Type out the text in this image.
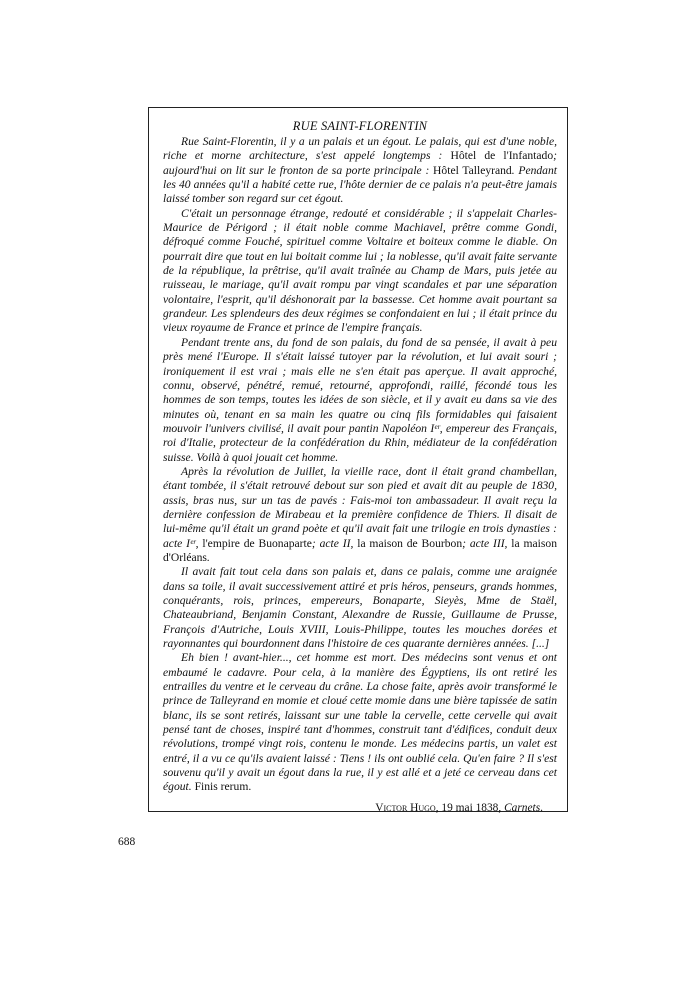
RUE SAINT-FLORENTIN

Rue Saint-Florentin, il y a un palais et un égout. Le palais, qui est d'une noble, riche et morne architecture, s'est appelé longtemps : Hôtel de l'Infantado; aujourd'hui on lit sur le fronton de sa porte principale : Hôtel Talleyrand. Pendant les 40 années qu'il a habité cette rue, l'hôte dernier de ce palais n'a peut-être jamais laissé tomber son regard sur cet égout.

C'était un personnage étrange, redouté et considérable ; il s'appelait Charles-Maurice de Périgord ; il était noble comme Machiavel, prêtre comme Gondi, défroqué comme Fouché, spirituel comme Voltaire et boiteux comme le diable. On pourrait dire que tout en lui boitait comme lui ; la noblesse, qu'il avait faite servante de la république, la prêtrise, qu'il avait traînée au Champ de Mars, puis jetée au ruisseau, le mariage, qu'il avait rompu par vingt scandales et par une séparation volontaire, l'esprit, qu'il déshonorait par la bassesse. Cet homme avait pourtant sa grandeur. Les splendeurs des deux régimes se confondaient en lui ; il était prince du vieux royaume de France et prince de l'empire français.

Pendant trente ans, du fond de son palais, du fond de sa pensée, il avait à peu près mené l'Europe. Il s'était laissé tutoyer par la révolution, et lui avait souri ; ironiquement il est vrai ; mais elle ne s'en était pas aperçue. Il avait approché, connu, observé, pénétré, remué, retourné, approfondi, raillé, fécondé tous les hommes de son temps, toutes les idées de son siècle, et il y avait eu dans sa vie des minutes où, tenant en sa main les quatre ou cinq fils formidables qui faisaient mouvoir l'univers civilisé, il avait pour pantin Napoléon Iᵉʳ, empereur des Français, roi d'Italie, protecteur de la confédération du Rhin, médiateur de la confédération suisse. Voilà à quoi jouait cet homme.

Après la révolution de Juillet, la vieille race, dont il était grand chambellan, étant tombée, il s'était retrouvé debout sur son pied et avait dit au peuple de 1830, assis, bras nus, sur un tas de pavés : Fais-moi ton ambassadeur. Il avait reçu la dernière confession de Mirabeau et la première confidence de Thiers. Il disait de lui-même qu'il était un grand poète et qu'il avait fait une trilogie en trois dynasties : acte Iᵉʳ, l'empire de Buonaparte; acte II, la maison de Bourbon; acte III, la maison d'Orléans.

Il avait fait tout cela dans son palais et, dans ce palais, comme une araignée dans sa toile, il avait successivement attiré et pris héros, penseurs, grands hommes, conquérants, rois, princes, empereurs, Bonaparte, Sieyès, Mme de Staël, Chateaubriand, Benjamin Constant, Alexandre de Russie, Guillaume de Prusse, François d'Autriche, Louis XVIII, Louis-Philippe, toutes les mouches dorées et rayonnantes qui bourdonnent dans l'histoire de ces quarante dernières années. [...]

Eh bien ! avant-hier..., cet homme est mort. Des médecins sont venus et ont embaumé le cadavre. Pour cela, à la manière des Égyptiens, ils ont retiré les entrailles du ventre et le cerveau du crâne. La chose faite, après avoir transformé le prince de Talleyrand en momie et cloué cette momie dans une bière tapissée de satin blanc, ils se sont retirés, laissant sur une table la cervelle, cette cervelle qui avait pensé tant de choses, inspiré tant d'hommes, construit tant d'édifices, conduit deux révolutions, trompé vingt rois, contenu le monde. Les médecins partis, un valet est entré, il a vu ce qu'ils avaient laissé : Tiens ! ils ont oublié cela. Qu'en faire ? Il s'est souvenu qu'il y avait un égout dans la rue, il y est allé et a jeté ce cerveau dans cet égout. Finis rerum.

Victor Hugo, 19 mai 1838, Carnets.
688
